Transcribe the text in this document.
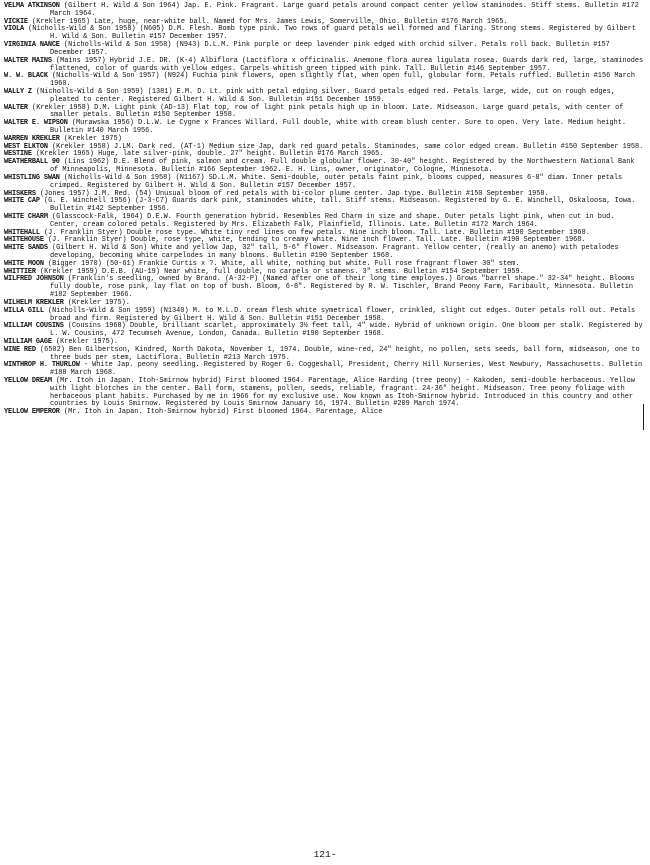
VELMA ATKINSON (Gilbert H. Wild & Son 1964) Jap. E. Pink. Fragrant. Large guard petals around compact center yellow staminodes. Stiff stems. Bulletin #172 March 1964.

VICKIE (Krekler 1965) Late, huge, near-white ball. Named for Mrs. James Lewis, Somerville, Ohio. Bulletin #176 March 1965.

VIOLA (Nicholls-Wild & Son 1958) (N605) D.M. Flesh. Bomb type pink. Two rows of guard petals well formed and flaring. Strong stems. Registered by Gilbert H. Wild & Son. Bulletin #157 December 1957.

VIRGINIA NANCE (Nicholls-Wild & Son 1958) (N943) D.L.M. Pink purple or deep lavender pink edged with orchid silver. Petals roll back. Bulletin #157 December 1957.

WALTER MAINS (Mains 1957) Hybrid J.E. DR. (K-4) Albiflora (Lactiflora x officinalis. Anemone flora aurea ligulata rosea. Guards dark red, large, staminodes flattened, color of guards with yellow edges. Carpels whitish green tipped with pink. Tall. Bulletin #146 September 1957.

W. W. BLACK (Nicholls-Wild & Son 1957) (N924) Fuchia pink flowers, open slightly flat, when open full, globular form. Petals ruffled. Bulletin #156 March 1960.

WALLY Z (Nicholls-Wild & Son 1959) (1381) E.M. D. Lt. pink with petal edging silver. Guard petals edged red. Petals large, wide, cut on rough edges, pleated to center. Registered Gilbert H. Wild & Son. Bulletin #151 December 1959.

WALTER (Krekler 1958) D.M. Light pink (AD-13) Flat top, row of light pink petals high up in bloom. Late. Midseason. Large guard petals, with center of smaller petals. Bulletin #150 September 1958.

WALTER E. WIPSON (Murawska 1956) D.L.W. Le Cygne x Frances Willard. Full double, white with cream blush center. Sure to open. Very late. Medium height. Bulletin #140 March 1956.

WARREN KREKLER (Krekler 1975)

WEST ELKTON (Krekler 1958) J.LM. Dark red. (AT-1) Medium size Jap, dark red guard petals. Staminodes, same color edged cream. Bulletin #150 September 1958.

WESTINE (Krekler 1965) Huge, late silver-pink, double. 27" height. Bulletin #176 March 1965.

WEATHERBALL 90 (Lins 1962) D.E. Blend of pink, salmon and cream. Full double globular flower. 30-40" height. Registered by the Northwestern National Bank of Minneapolis, Minnesota. Bulletin #166 September 1962. E. H. Lins, owner, originator, Cologne, Minnesota.

WHISTLING SWAN (Nicholls-Wild & Son 1958) (N1167) SD.L.M. White. Semi-double, outer petals faint pink, blooms cupped, measures 6-8" diam. Inner petals crimped. Registered by Gilbert H. Wild & Son. Bulletin #157 December 1957.

WHISKERS (Jones 1957) J.M. Red. (54) Unusual bloom of red petals with bi-color plume center. Jap type. Bulletin #150 September 1958.

WHITE CAP (G. E. Winchell 1956) (J-3-C7) Guards dark pink, staminodes white, tall. Stiff stems. Midseason. Registered by G. E. Winchell, Oskaloosa, Iowa. Bulletin #142 September 1956.

WHITE CHARM (Glasscock-Falk, 1964) D.E.W. Fourth generation hybrid. Resembles Red Charm in size and shape. Outer petals light pink, when cut in bud. Center, cream colored petals. Registered by Mrs. Elizabeth Falk, Plainfield, Illinois. Late. Bulletin #172 March 1964.

WHITEHALL (J. Franklin Styer) Double rose type. White tiny red lines on few petals. Nine inch bloom. Tall. Late. Bulletin #190 September 1968.

WHITEHOUSE (J. Franklin Styer) Double, rose type, white, tending to creamy white. Nine inch flower. Tall. Late. Bulletin #190 September 1968.

WHITE SANDS (Gilbert H. Wild & Son) White and yellow Jap, 32" tall, 5-6" flower. Midseason. Fragrant. Yellow center, (really an anemo) with petalodes developing, becoming white carpelodes in many blooms. Bulletin #190 September 1968.

WHITE MOON (Bigger 1970) (50-61) Frankie Curtis x ?. White, all white, nothing but white. Full rose fragrant flower 30" stem.

WHITTIER (Krekler 1959) D.E.B. (AU-19) Near white, full double, no carpels or stamens. 3" stems. Bulletin #154 September 1959.

WILFRED JOHNSON (Franklin's seedling, owned by Brand. (A-32-P) (Named after one of their long time employes.) Grows "barrel shape." 32-34" height. Blooms fully double, rose pink, lay flat on top of bush. Bloom, 6-8". Registered by R. W. Tischler, Brand Peony Farm, Faribault, Minnesota. Bulletin #182 September 1966.

WILHELM KREKLER (Krekler 1975).

WILLA GILL (Nicholls-Wild & Son 1959) (N1340) M. to M.L.D. cream flesh white symetrical flower, crinkled, slight cut edges. Outer petals roll out. Petals broad and firm. Registered by Gilbert H. Wild & Son. Bulletin #151 December 1958.

WILLIAM COUSINS (Cousins 1968) Double, brilliant scarlet, approximately 3½ feet tall, 4" wide. Hybrid of unknown origin. One bloom per stalk. Registered by L. W. Cousins, 472 Tecumseh Avenue, London, Canada. Bulletin #190 September 1968.

WILLIAM GAGE (Krekler 1975).

WINE RED (6502) Ben Gilbertson, Kindred, North Dakota, November 1, 1974. Double, wine-red, 24" height, no pollen, sets seeds, ball form, midseason, one to three buds per stem, Lactiflora. Bulletin #213 March 1975.

WINTHROP H. THURLOW - White Jap. peony seedling. Registered by Roger G. Coggeshall, President, Cherry Hill Nurseries, West Newbury, Massachusetts. Bulletin #188 March 1968.

YELLOW DREAM (Mr. Itoh in Japan. Itoh-Smirnow hybrid) First bloomed 1964. Parentage, Alice Harding (tree peony) - Kakoden, semi-double herbaceous. Yellow with light blotches in the center. Ball form, stamens, pollen, seeds, reliable, fragrant. 24-36" height. Midseason. Tree peony foliage with herbaceous plant habits. Purchased by me in 1966 for my exclusive use. Now known as Itoh-Smirnow hybrid. Introduced in this country and other countries by Louis Smirnow. Registered by Louis Smirnow January 16, 1974. Bulletin #209 March 1974.

YELLOW EMPEROR (Mr. Itoh in Japan. Itoh-Smirnow hybrid) First bloomed 1964. Parentage, Alice

121-
